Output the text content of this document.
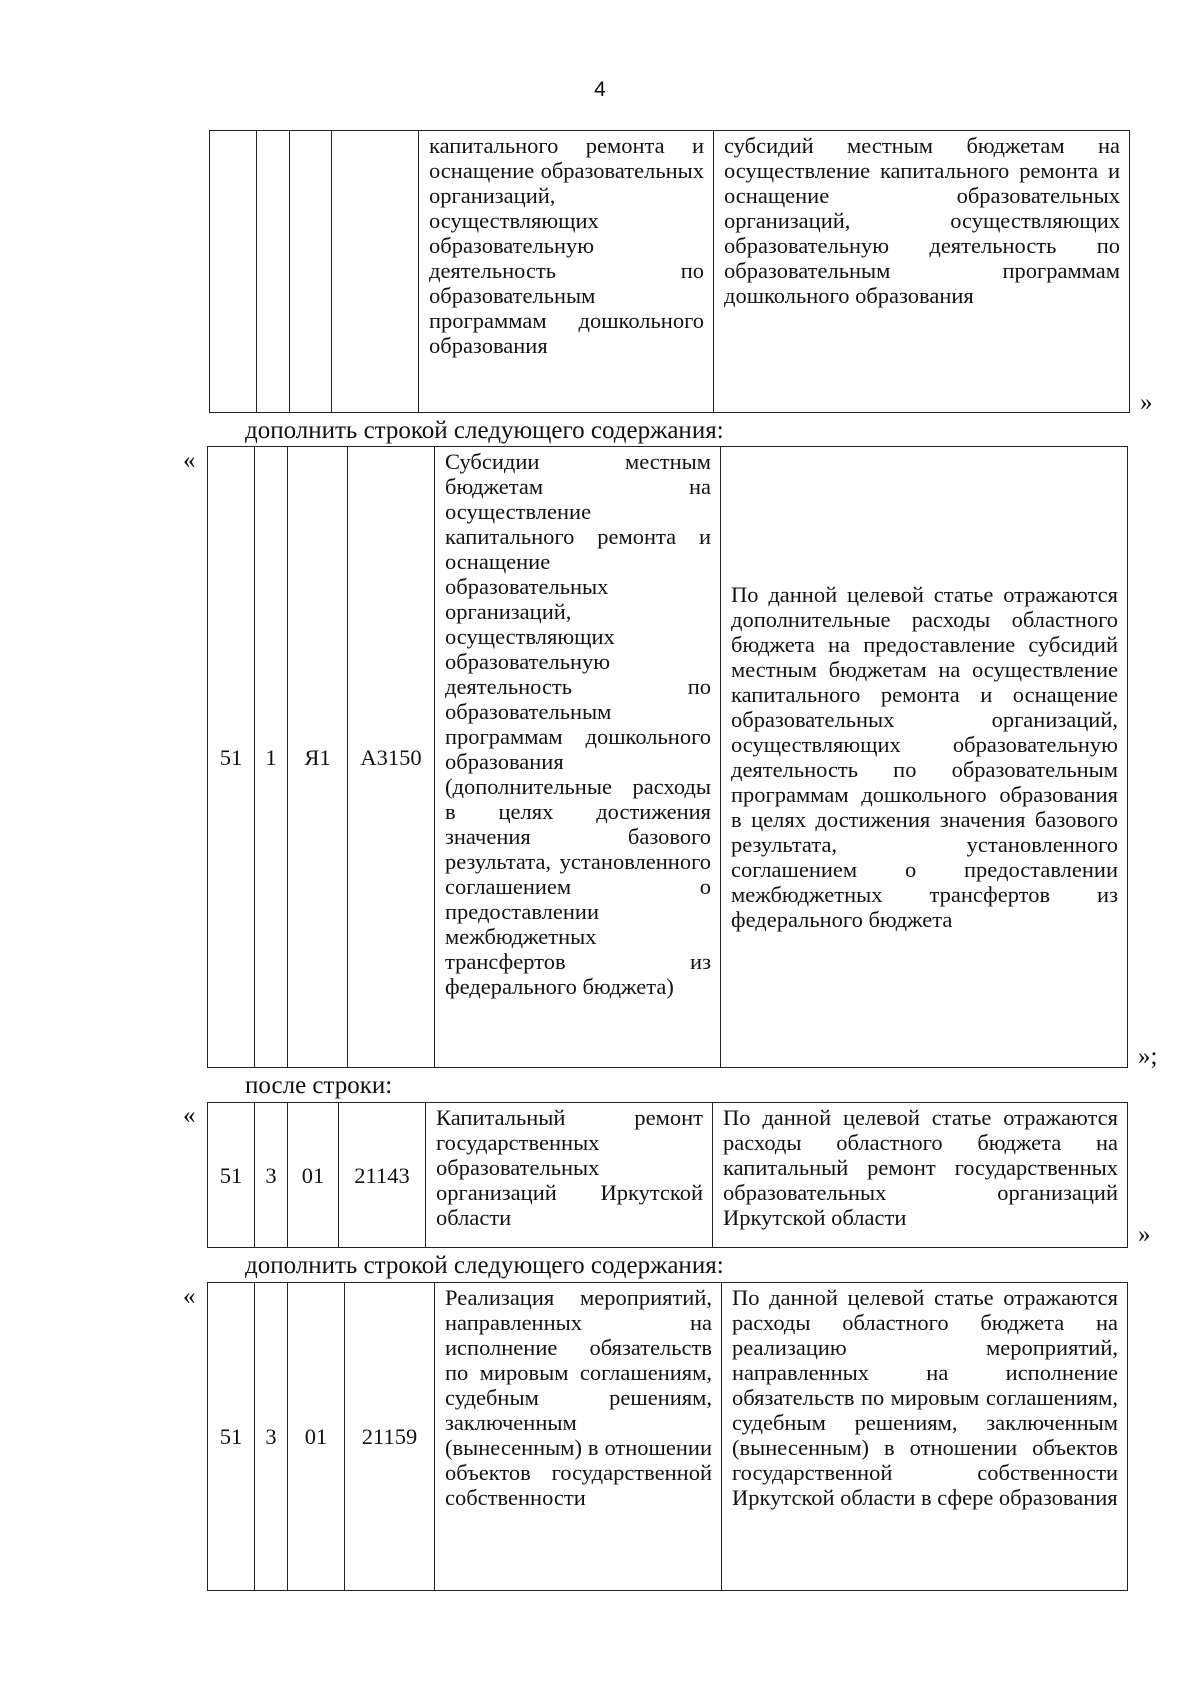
4
				капитального ремонта и оснащение образовательных организаций, осуществляющих образовательную деятельность по образовательным программам дошкольного образования	субсидий местным бюджетам на осуществление капитального ремонта и оснащение образовательных организаций, осуществляющих образовательную деятельность по образовательным программам дошкольного образования
»
дополнить строкой следующего содержания:
«
51	1	Я1	А3150	Субсидии местным бюджетам на осуществление капитального ремонта и оснащение образовательных организаций, осуществляющих образовательную деятельность по образовательным программам дошкольного образования (дополнительные расходы в целях достижения значения базового результата, установленного соглашением о предоставлении межбюджетных трансфертов из федерального бюджета)	По данной целевой статье отражаются дополнительные расходы областного бюджета на предоставление субсидий местным бюджетам на осуществление капитального ремонта и оснащение образовательных организаций, осуществляющих образовательную деятельность по образовательным программам дошкольного образования в целях достижения значения базового результата, установленного соглашением о предоставлении межбюджетных трансфертов из федерального бюджета
»;
после строки:
«
51	3	01	21143	Капитальный ремонт государственных образовательных организаций Иркутской области	По данной целевой статье отражаются расходы областного бюджета на капитальный ремонт государственных образовательных организаций Иркутской области
»
дополнить строкой следующего содержания:
«
51	3	01	21159	Реализация мероприятий, направленных на исполнение обязательств по мировым соглашениям, судебным решениям, заключенным (вынесенным) в отношении объектов государственной собственности	По данной целевой статье отражаются расходы областного бюджета на реализацию мероприятий, направленных на исполнение обязательств по мировым соглашениям, судебным решениям, заключенным (вынесенным) в отношении объектов государственной собственности Иркутской области в сфере образования
